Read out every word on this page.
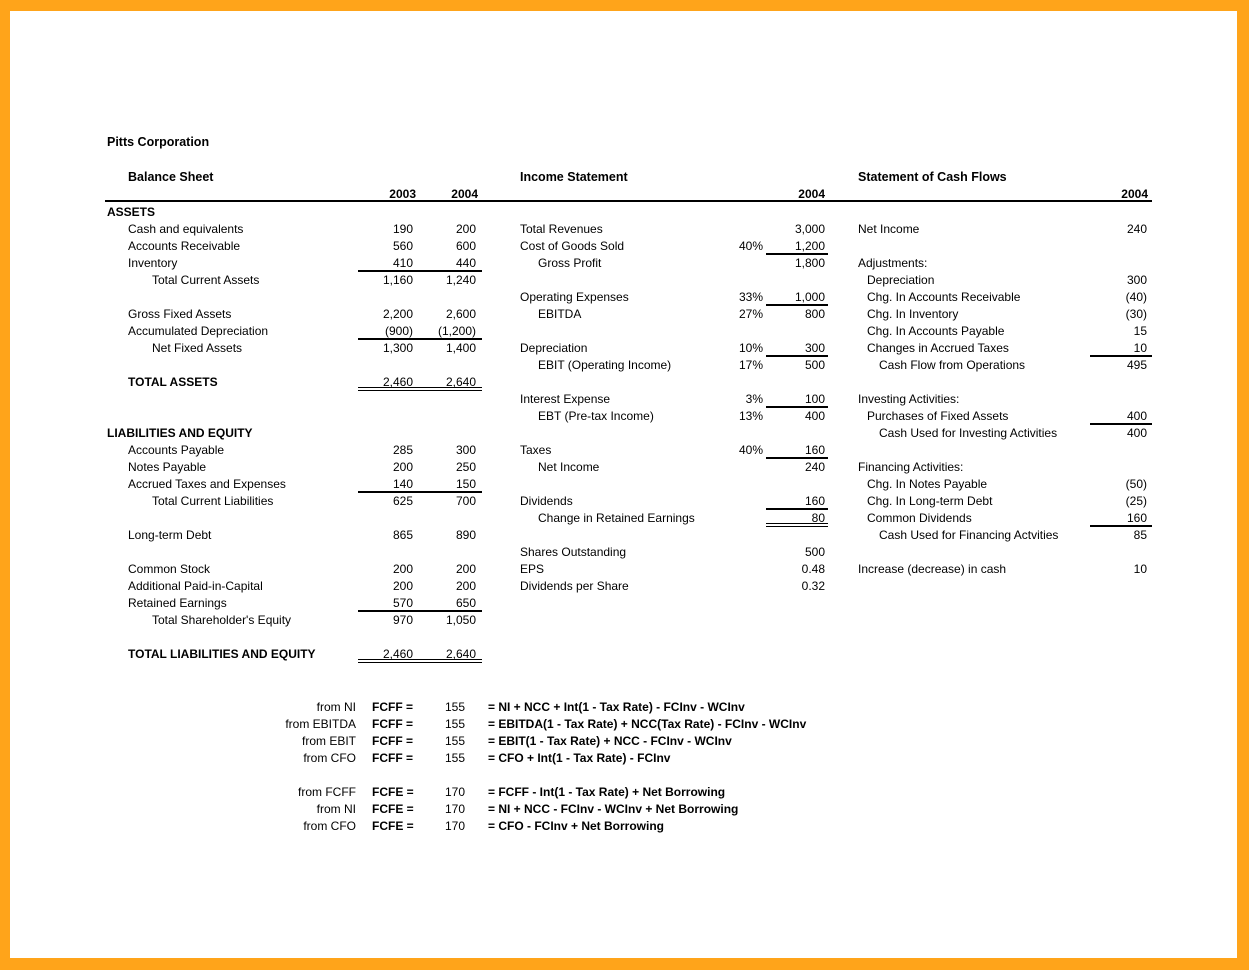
Pitts Corporation
Balance Sheet
2003	2004
ASSETS
Cash and equivalents	190	200
Accounts Receivable	560	600
Inventory	410	440
Total Current Assets	1,160	1,240
Gross Fixed Assets	2,200	2,600
Accumulated Depreciation	(900)	(1,200)
Net Fixed Assets	1,300	1,400
TOTAL ASSETS	2,460	2,640
LIABILITIES AND EQUITY
Accounts Payable	285	300
Notes Payable	200	250
Accrued Taxes and Expenses	140	150
Total Current Liabilities	625	700
Long-term Debt	865	890
Common Stock	200	200
Additional Paid-in-Capital	200	200
Retained Earnings	570	650
Total Shareholder's Equity	970	1,050
TOTAL LIABILITIES AND EQUITY	2,460	2,640
Income Statement
2004
Total Revenues	3,000
Cost of Goods Sold	40%	1,200
Gross Profit	1,800
Operating Expenses	33%	1,000
EBITDA	27%	800
Depreciation	10%	300
EBIT (Operating Income)	17%	500
Interest Expense	3%	100
EBT (Pre-tax Income)	13%	400
Taxes	40%	160
Net Income	240
Dividends	160
Change in Retained Earnings	80
Shares Outstanding	500
EPS	0.48
Dividends per Share	0.32
Statement of Cash Flows
2004
Net Income	240
Adjustments:
Depreciation	300
Chg. In Accounts Receivable	(40)
Chg. In Inventory	(30)
Chg. In Accounts Payable	15
Changes in Accrued Taxes	10
Cash Flow from Operations	495
Investing Activities:
Purchases of Fixed Assets	400
Cash Used for Investing Activities	400
Financing Activities:
Chg. In Notes Payable	(50)
Chg. In Long-term Debt	(25)
Common Dividends	160
Cash Used for Financing Actvities	85
Increase (decrease) in cash	10
from NI FCFF =	155 = NI + NCC + Int(1 - Tax Rate) - FCInv - WCInv
from EBITDA FCFF =	155 = EBITDA(1 - Tax Rate) + NCC(Tax Rate) - FCInv - WCInv
from EBIT FCFF =	155 = EBIT(1 - Tax Rate) + NCC - FCInv - WCInv
from CFO FCFF =	155 = CFO + Int(1 - Tax Rate) - FCInv
from FCFF FCFE =	170 = FCFF - Int(1 - Tax Rate) + Net Borrowing
from NI FCFE =	170 = NI + NCC - FCInv - WCInv + Net Borrowing
from CFO FCFE =	170 = CFO - FCInv + Net Borrowing
